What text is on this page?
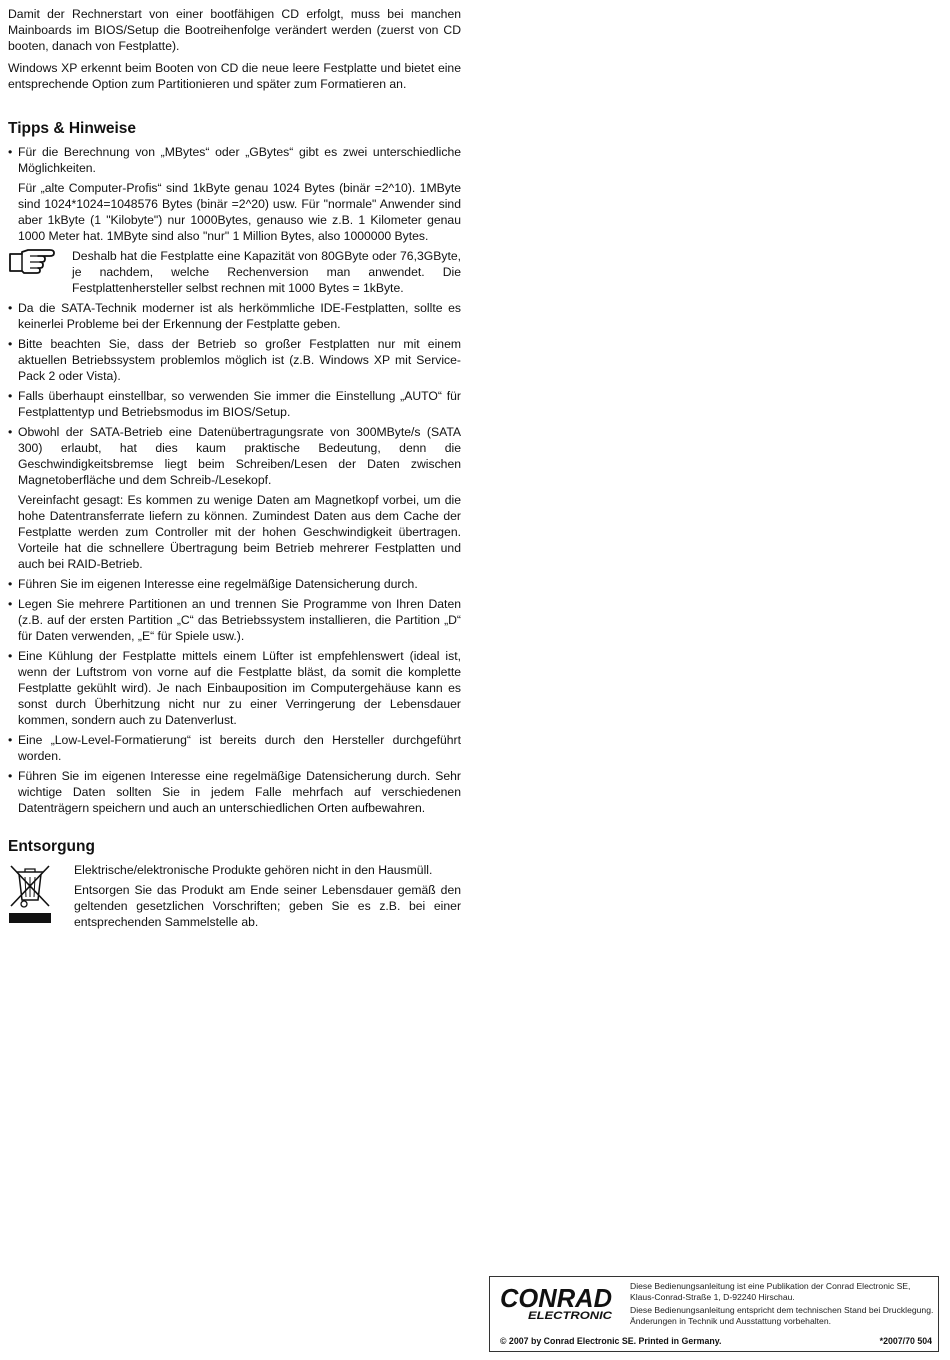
Damit der Rechnerstart von einer bootfähigen CD erfolgt, muss bei manchen Mainboards im BIOS/Setup die Bootreihenfolge verändert werden (zuerst von CD booten, danach von Festplatte).

Windows XP erkennt beim Booten von CD die neue leere Festplatte und bietet eine entsprechende Option zum Partitionieren und später zum Formatieren an.

Tipps & Hinweise

• Für die Berechnung von „MBytes“ oder „GBytes“ gibt es zwei unterschiedliche Möglichkeiten.

Für „alte Computer-Profis“ sind 1kByte genau 1024 Bytes (binär =2^10). 1MByte sind 1024*1024=1048576 Bytes (binär =2^20) usw. Für "normale" Anwender sind aber 1kByte (1 "Kilobyte") nur 1000Bytes, genauso wie z.B. 1 Kilometer genau 1000 Meter hat. 1MByte sind also "nur" 1 Million Bytes, also 1000000 Bytes.

Deshalb hat die Festplatte eine Kapazität von 80GByte oder 76,3GByte, je nachdem, welche Rechenversion man anwendet. Die Festplattenhersteller selbst rechnen mit 1000 Bytes = 1kByte.

• Da die SATA-Technik moderner ist als herkömmliche IDE-Festplatten, sollte es keinerlei Probleme bei der Erkennung der Festplatte geben.

• Bitte beachten Sie, dass der Betrieb so großer Festplatten nur mit einem aktuellen Betriebssystem problemlos möglich ist (z.B. Windows XP mit Service-Pack 2 oder Vista).

• Falls überhaupt einstellbar, so verwenden Sie immer die Einstellung „AUTO“ für Festplattentyp und Betriebsmodus im BIOS/Setup.

• Obwohl der SATA-Betrieb eine Datenübertragungsrate von 300MByte/s (SATA 300) erlaubt, hat dies kaum praktische Bedeutung, denn die Geschwindigkeitsbremse liegt beim Schreiben/Lesen der Daten zwischen Magnetoberfläche und dem Schreib-/Lesekopf.

Vereinfacht gesagt: Es kommen zu wenige Daten am Magnetkopf vorbei, um die hohe Datentransferrate liefern zu können. Zumindest Daten aus dem Cache der Festplatte werden zum Controller mit der hohen Geschwindigkeit übertragen. Vorteile hat die schnellere Übertragung beim Betrieb mehrerer Festplatten und auch bei RAID-Betrieb.

• Führen Sie im eigenen Interesse eine regelmäßige Datensicherung durch.

• Legen Sie mehrere Partitionen an und trennen Sie Programme von Ihren Daten (z.B. auf der ersten Partition „C“ das Betriebssystem installieren, die Partition „D“ für Daten verwenden, „E“ für Spiele usw.).

• Eine Kühlung der Festplatte mittels einem Lüfter ist empfehlenswert (ideal ist, wenn der Luftstrom von vorne auf die Festplatte bläst, da somit die komplette Festplatte gekühlt wird). Je nach Einbauposition im Computergehäuse kann es sonst durch Überhitzung nicht nur zu einer Verringerung der Lebensdauer kommen, sondern auch zu Datenverlust.

• Eine „Low-Level-Formatierung“ ist bereits durch den Hersteller durchgeführt worden.

• Führen Sie im eigenen Interesse eine regelmäßige Datensicherung durch. Sehr wichtige Daten sollten Sie in jedem Falle mehrfach auf verschiedenen Datenträgern speichern und auch an unterschiedlichen Orten aufbewahren.

Entsorgung

Elektrische/elektronische Produkte gehören nicht in den Hausmüll.

Entsorgen Sie das Produkt am Ende seiner Lebensdauer gemäß den geltenden gesetzlichen Vorschriften; geben Sie es z.B. bei einer entsprechenden Sammelstelle ab.

CONRAD
ELECTRONIC

Diese Bedienungsanleitung ist eine Publikation der Conrad Electronic SE, Klaus-Conrad-Straße 1, D-92240 Hirschau.

Diese Bedienungsanleitung entspricht dem technischen Stand bei Drucklegung. Änderungen in Technik und Ausstattung vorbehalten.

© 2007 by Conrad Electronic SE. Printed in Germany.	*2007/70 504
